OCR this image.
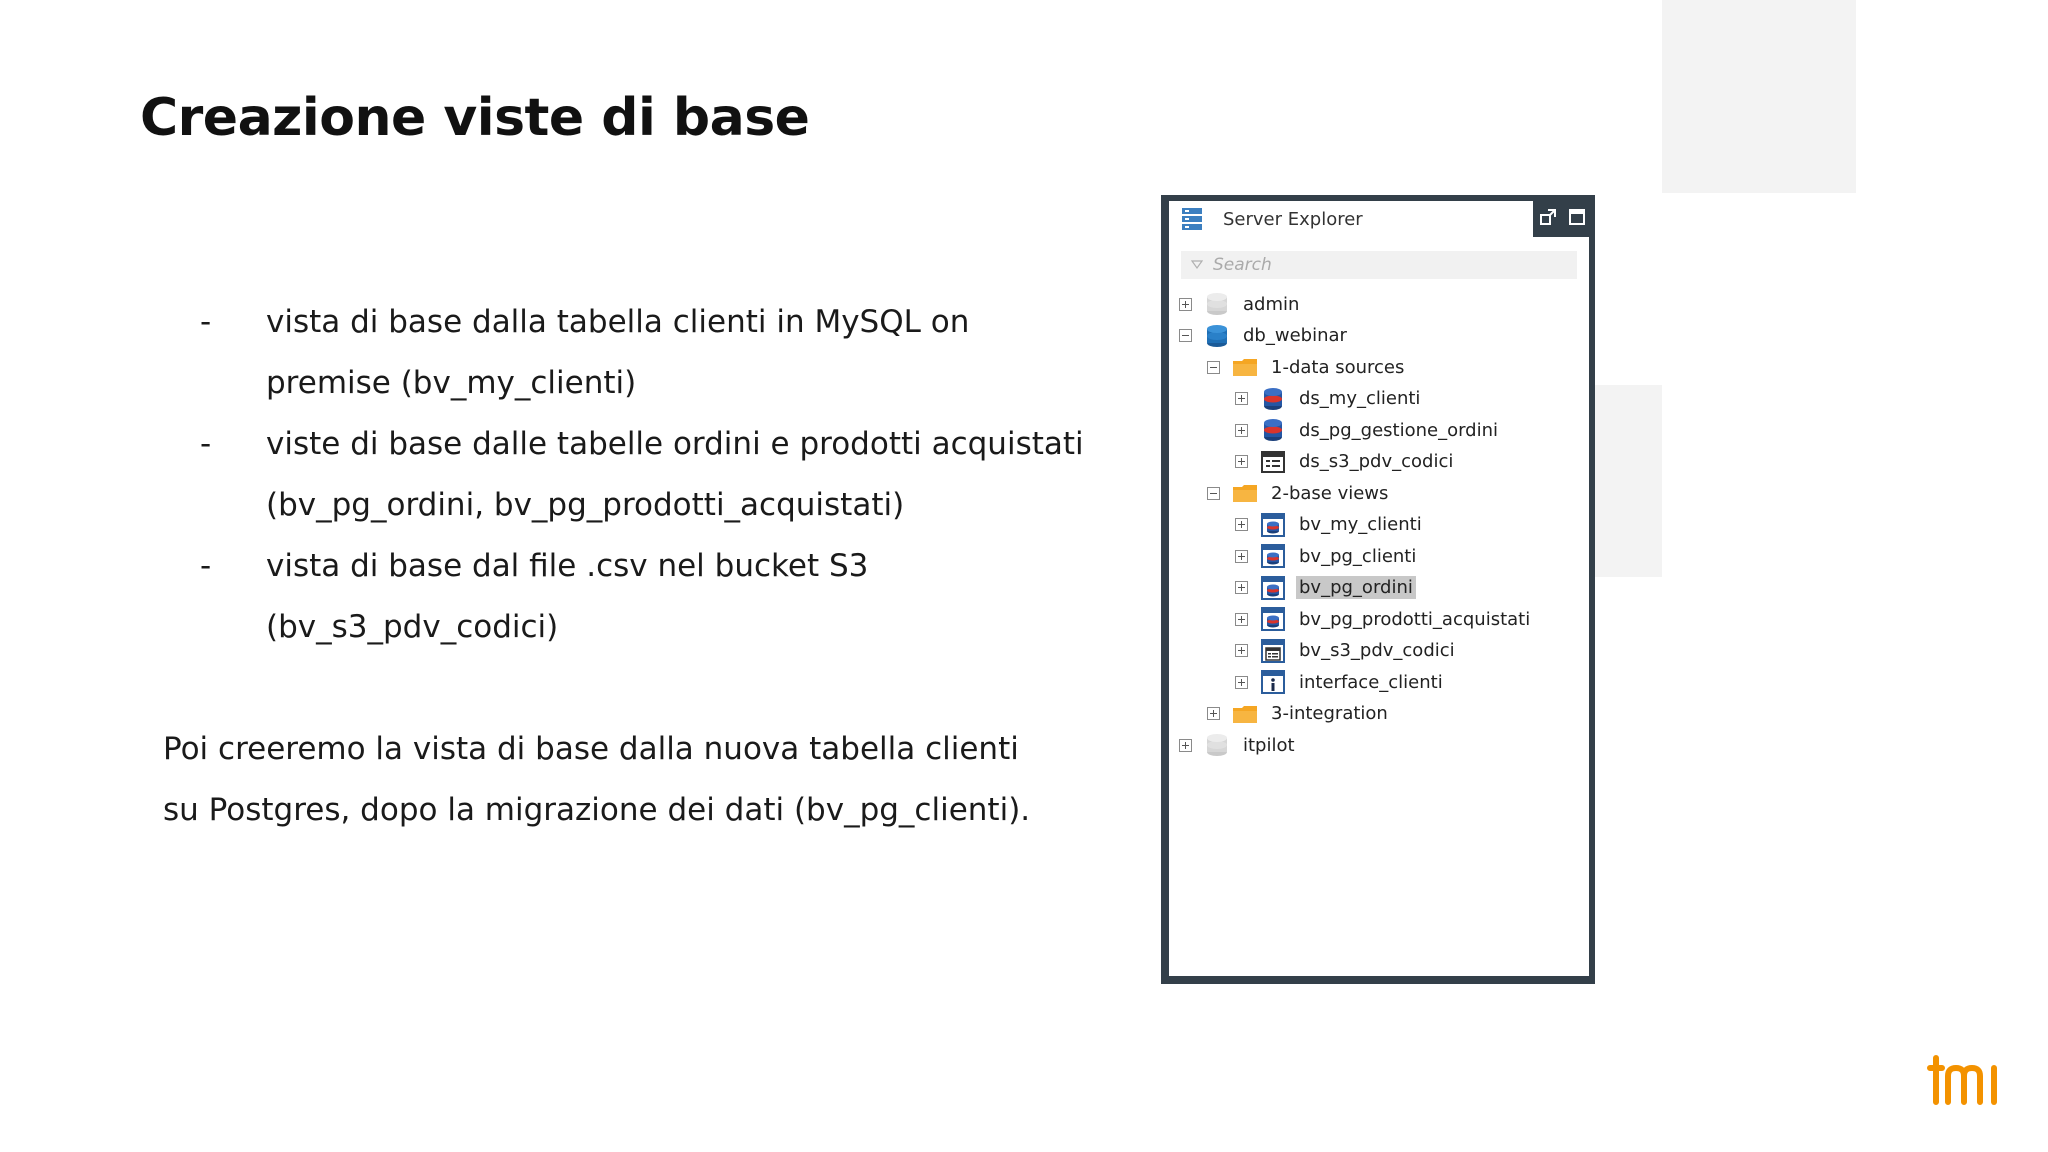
Creazione viste di base
-	vista di base dalla tabella clienti in MySQL on premise (bv_my_clienti)
-	viste di base dalle tabelle ordini e prodotti acquistati (bv_pg_ordini, bv_pg_prodotti_acquistati)
-	vista di base dal file .csv nel bucket S3 (bv_s3_pdv_codici)
Poi creeremo la vista di base dalla nuova tabella clienti su Postgres, dopo la migrazione dei dati (bv_pg_clienti).
Server Explorer
Search
admin
db_webinar
1-data sources
ds_my_clienti
ds_pg_gestione_ordini
ds_s3_pdv_codici
2-base views
bv_my_clienti
bv_pg_clienti
bv_pg_ordini
bv_pg_prodotti_acquistati
bv_s3_pdv_codici
interface_clienti
3-integration
itpilot
